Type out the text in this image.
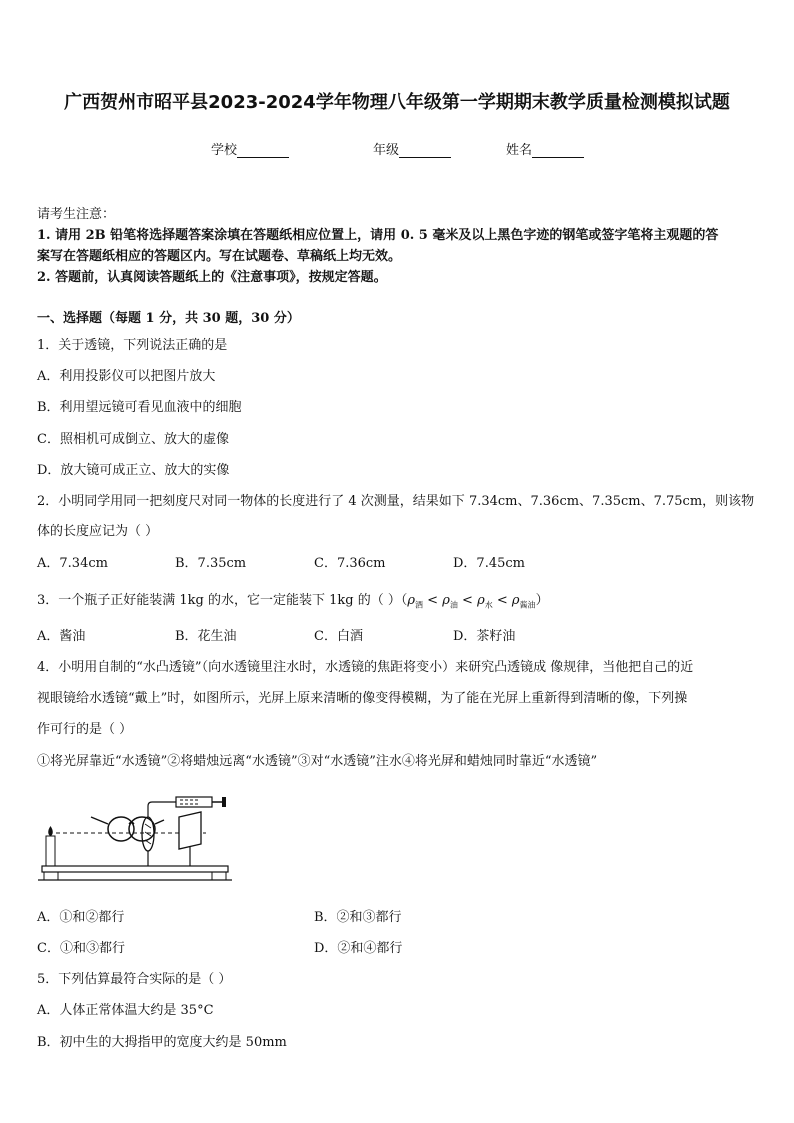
广西贺州市昭平县2023-2024学年物理八年级第一学期期末教学质量检测模拟试题
学校	年级	姓名
请考生注意：
1. 请用 2B 铅笔将选择题答案涂填在答题纸相应位置上，请用 0. 5 毫米及以上黑色字迹的钢笔或签字笔将主观题的答
案写在答题纸相应的答题区内。写在试题卷、草稿纸上均无效。
2. 答题前，认真阅读答题纸上的《注意事项》，按规定答题。
一、选择题（每题 1 分，共 30 题，30 分）
1．关于透镜，下列说法正确的是
A．利用投影仪可以把图片放大
B．利用望远镜可看见血液中的细胞
C．照相机可成倒立、放大的虚像
D．放大镜可成正立、放大的实像
2．小明同学用同一把刻度尺对同一物体的长度进行了 4 次测量，结果如下 7.34cm、7.36cm、7.35cm、7.75cm，则该物
体的长度应记为（ ）
A．7.34cm	B．7.35cm	C．7.36cm	D．7.45cm
3．一个瓶子正好能装满 1kg 的水，它一定能装下 1kg 的（ ）$(\rho_酒 < \rho_油 < \rho_水 < \rho_{酱油})$
A．酱油	B．花生油	C．白酒	D．茶籽油
4．小明用自制的“水凸透镜”（向水透镜里注水时，水透镜的焦距将变小）来研究凸透镜成 像规律，当他把自己的近
视眼镜给水透镜“戴上”时，如图所示，光屏上原来清晰的像变得模糊，为了能在光屏上重新得到清晰的像，下列操
作可行的是（ ）
①将光屏靠近“水透镜”②将蜡烛远离“水透镜”③对“水透镜”注水④将光屏和蜡烛同时靠近“水透镜”
A．①和②都行	B．②和③都行
C．①和③都行	D．②和④都行
5．下列估算最符合实际的是（ ）
A．人体正常体温大约是 35°C
B．初中生的大拇指甲的宽度大约是 50mm
